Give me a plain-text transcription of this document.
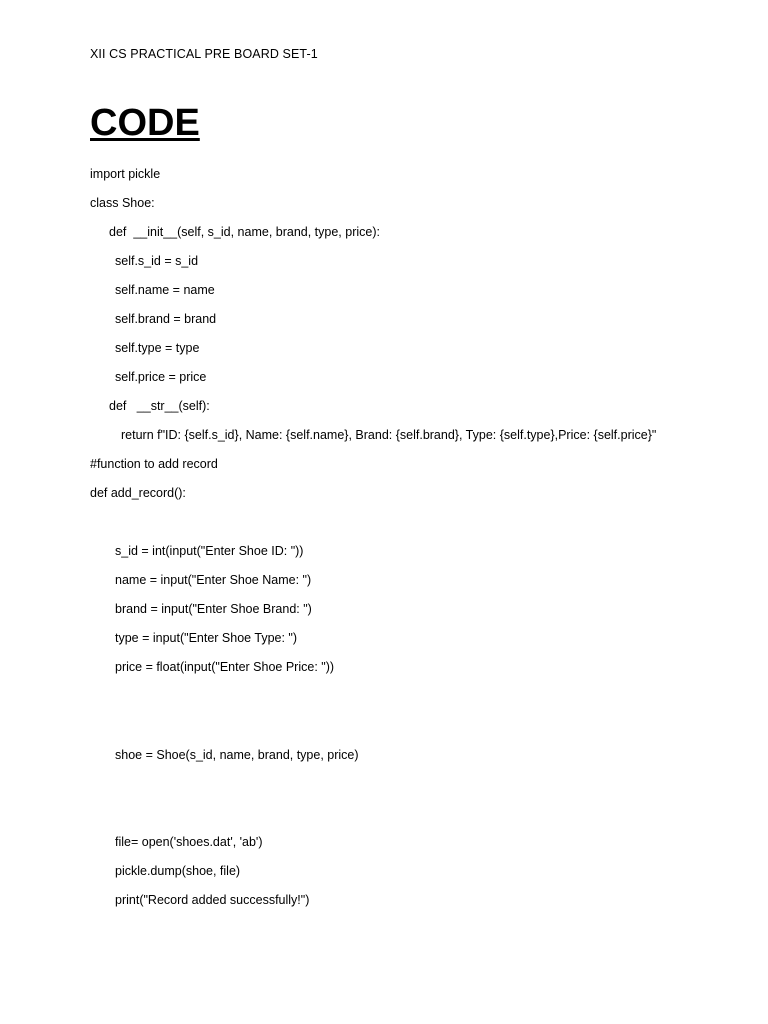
XII CS PRACTICAL PRE BOARD SET-1
CODE
import pickle
class Shoe:
def  __init__(self, s_id, name, brand, type, price):
self.s_id = s_id
self.name = name
self.brand = brand
self.type = type
self.price = price
def   __str__(self):
return f"ID: {self.s_id}, Name: {self.name}, Brand: {self.brand}, Type: {self.type},Price: {self.price}"
#function to add record
def add_record():
s_id = int(input("Enter Shoe ID: "))
name = input("Enter Shoe Name: ")
brand = input("Enter Shoe Brand: ")
type = input("Enter Shoe Type: ")
price = float(input("Enter Shoe Price: "))
shoe = Shoe(s_id, name, brand, type, price)
file= open('shoes.dat', 'ab')
pickle.dump(shoe, file)
print("Record added successfully!")
